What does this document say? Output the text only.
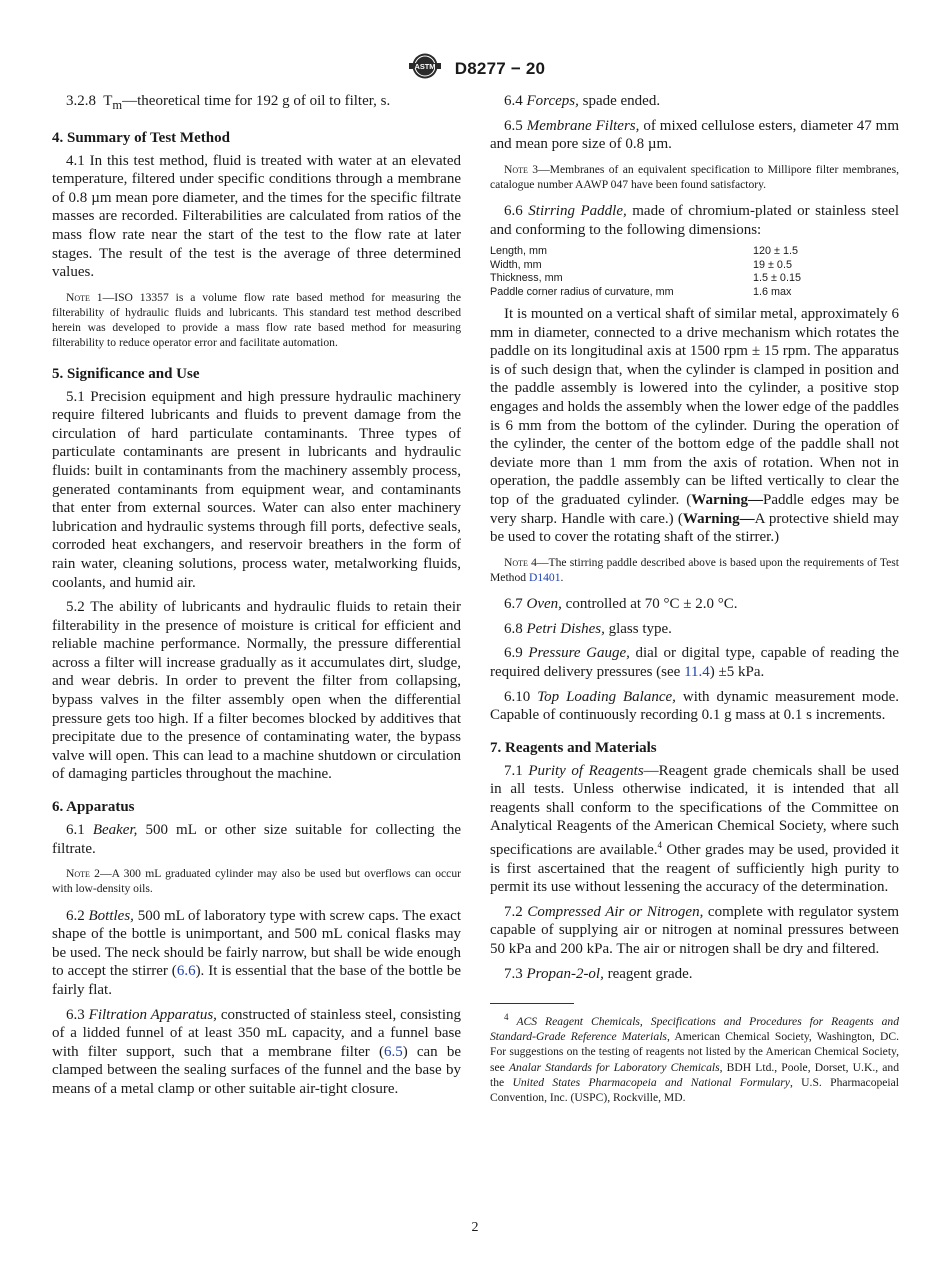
ASTM D8277 − 20

3.2.8 $T_m—theoretical$ time for 192 g of oil to filter, s.

4. Summary of Test Method

4.1 In this test method, fluid is treated with water at an elevated temperature, filtered under specific conditions through a membrane of 0.8 µm mean pore diameter, and the times for the specific filtrate masses are recorded. Filterabilities are calculated from ratios of the mass flow rate near the start of the test to the flow rate at later stages. The result of the test is the average of three determined values.

Note 1—ISO 13357 is a volume flow rate based method for measuring the filterability of hydraulic fluids and lubricants. This standard test method described herein was developed to provide a mass flow rate based method for measuring filterability to reduce operator error and facilitate automation.

5. Significance and Use

5.1 Precision equipment and high pressure hydraulic machinery require filtered lubricants and fluids to prevent damage from the circulation of hard particulate contaminants. Three types of particulate contaminants are present in lubricants and hydraulic fluids: built in contaminants from the machinery assembly process, generated contaminants from equipment wear, and contaminants that enter from external sources. Water can also enter machinery lubrication and hydraulic systems through fill ports, defective seals, corroded heat exchangers, and reservoir breathers in the form of rain water, cleaning solutions, process water, metalworking fluids, coolants, and humid air.

5.2 The ability of lubricants and hydraulic fluids to retain their filterability in the presence of moisture is critical for efficient and reliable machine performance. Normally, the pressure differential across a filter will increase gradually as it accumulates dirt, sludge, and wear debris. In order to prevent the filter from collapsing, bypass valves in the filter assembly open when the differential pressure gets too high. If a filter becomes blocked by additives that precipitate due to the presence of contaminating water, the bypass valve will open. This can lead to a machine shutdown or circulation of damaging particles throughout the machine.

6. Apparatus

6.1 Beaker, 500 mL or other size suitable for collecting the filtrate.

Note 2—A 300 mL graduated cylinder may also be used but overflows can occur with low-density oils.

6.2 Bottles, 500 mL of laboratory type with screw caps. The exact shape of the bottle is unimportant, and 500 mL conical flasks may be used. The neck should be fairly narrow, but shall be wide enough to accept the stirrer (6.6). It is essential that the base of the bottle be fairly flat.

6.3 Filtration Apparatus, constructed of stainless steel, consisting of a lidded funnel of at least 350 mL capacity, and a funnel base with filter support, such that a membrane filter (6.5) can be clamped between the sealing surfaces of the funnel and the base by means of a metal clamp or other suitable air-tight closure.

6.4 Forceps, spade ended.

6.5 Membrane Filters, of mixed cellulose esters, diameter 47 mm and mean pore size of 0.8 µm.

Note 3—Membranes of an equivalent specification to Millipore filter membranes, catalogue number AAWP 047 have been found satisfactory.

6.6 Stirring Paddle, made of chromium-plated or stainless steel and conforming to the following dimensions:

Length, mm	120 ± 1.5
Width, mm	19 ± 0.5
Thickness, mm	1.5 ± 0.15
Paddle corner radius of curvature, mm	1.6 max

It is mounted on a vertical shaft of similar metal, approximately 6 mm in diameter, connected to a drive mechanism which rotates the paddle on its longitudinal axis at 1500 rpm ± 15 rpm. The apparatus is of such design that, when the cylinder is clamped in position and the paddle assembly is lowered into the cylinder, a positive stop engages and holds the assembly when the lower edge of the paddles is 6 mm from the bottom of the cylinder. During the operation of the cylinder, the center of the bottom edge of the paddle shall not deviate more than 1 mm from the axis of rotation. When not in operation, the paddle assembly can be lifted vertically to clear the top of the graduated cylinder. (Warning—Paddle edges may be very sharp. Handle with care.) (Warning—A protective shield may be used to cover the rotating shaft of the stirrer.)

Note 4—The stirring paddle described above is based upon the requirements of Test Method D1401.

6.7 Oven, controlled at 70 °C ± 2.0 °C.

6.8 Petri Dishes, glass type.

6.9 Pressure Gauge, dial or digital type, capable of reading the required delivery pressures (see 11.4) ±5 kPa.

6.10 Top Loading Balance, with dynamic measurement mode. Capable of continuously recording 0.1 g mass at 0.1 s increments.

7. Reagents and Materials

7.1 Purity of Reagents—Reagent grade chemicals shall be used in all tests. Unless otherwise indicated, it is intended that all reagents shall conform to the specifications of the Committee on Analytical Reagents of the American Chemical Society, where such specifications are available.$^4$ Other grades may be used, provided it is first ascertained that the reagent of sufficiently high purity to permit its use without lessening the accuracy of the determination.

7.2 Compressed Air or Nitrogen, complete with regulator system capable of supplying air or nitrogen at nominal pressures between 50 kPa and 200 kPa. The air or nitrogen shall be dry and filtered.

7.3 Propan-2-ol, reagent grade.

$^4$ ACS Reagent Chemicals, Specifications and Procedures for Reagents and Standard-Grade Reference Materials, American Chemical Society, Washington, DC. For suggestions on the testing of reagents not listed by the American Chemical Society, see Analar Standards for Laboratory Chemicals, BDH Ltd., Poole, Dorset, U.K., and the United States Pharmacopeia and National Formulary, U.S. Pharmacopeial Convention, Inc. (USPC), Rockville, MD.

2
